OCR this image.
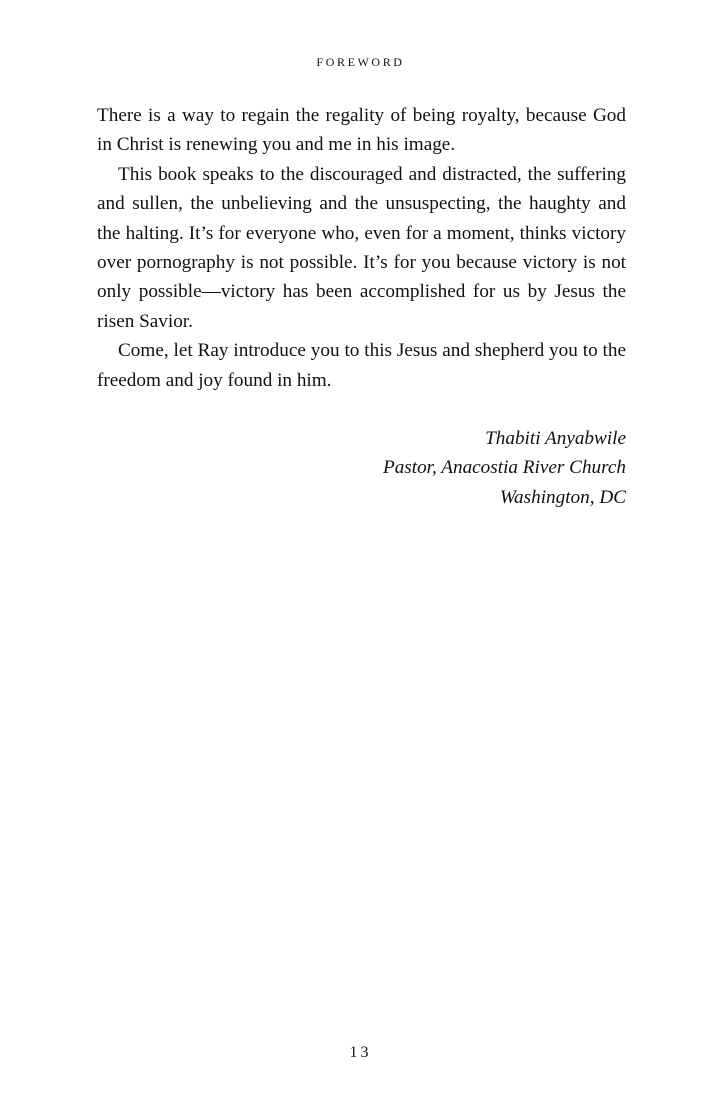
FOREWORD

There is a way to regain the regality of being royalty, because God in Christ is renewing you and me in his image.

This book speaks to the discouraged and distracted, the suffering and sullen, the unbelieving and the unsuspecting, the haughty and the halting. It’s for everyone who, even for a moment, thinks victory over pornography is not possible. It’s for you because victory is not only possible—victory has been accomplished for us by Jesus the risen Savior.

Come, let Ray introduce you to this Jesus and shepherd you to the freedom and joy found in him.

Thabiti Anyabwile
Pastor, Anacostia River Church
Washington, DC
13
